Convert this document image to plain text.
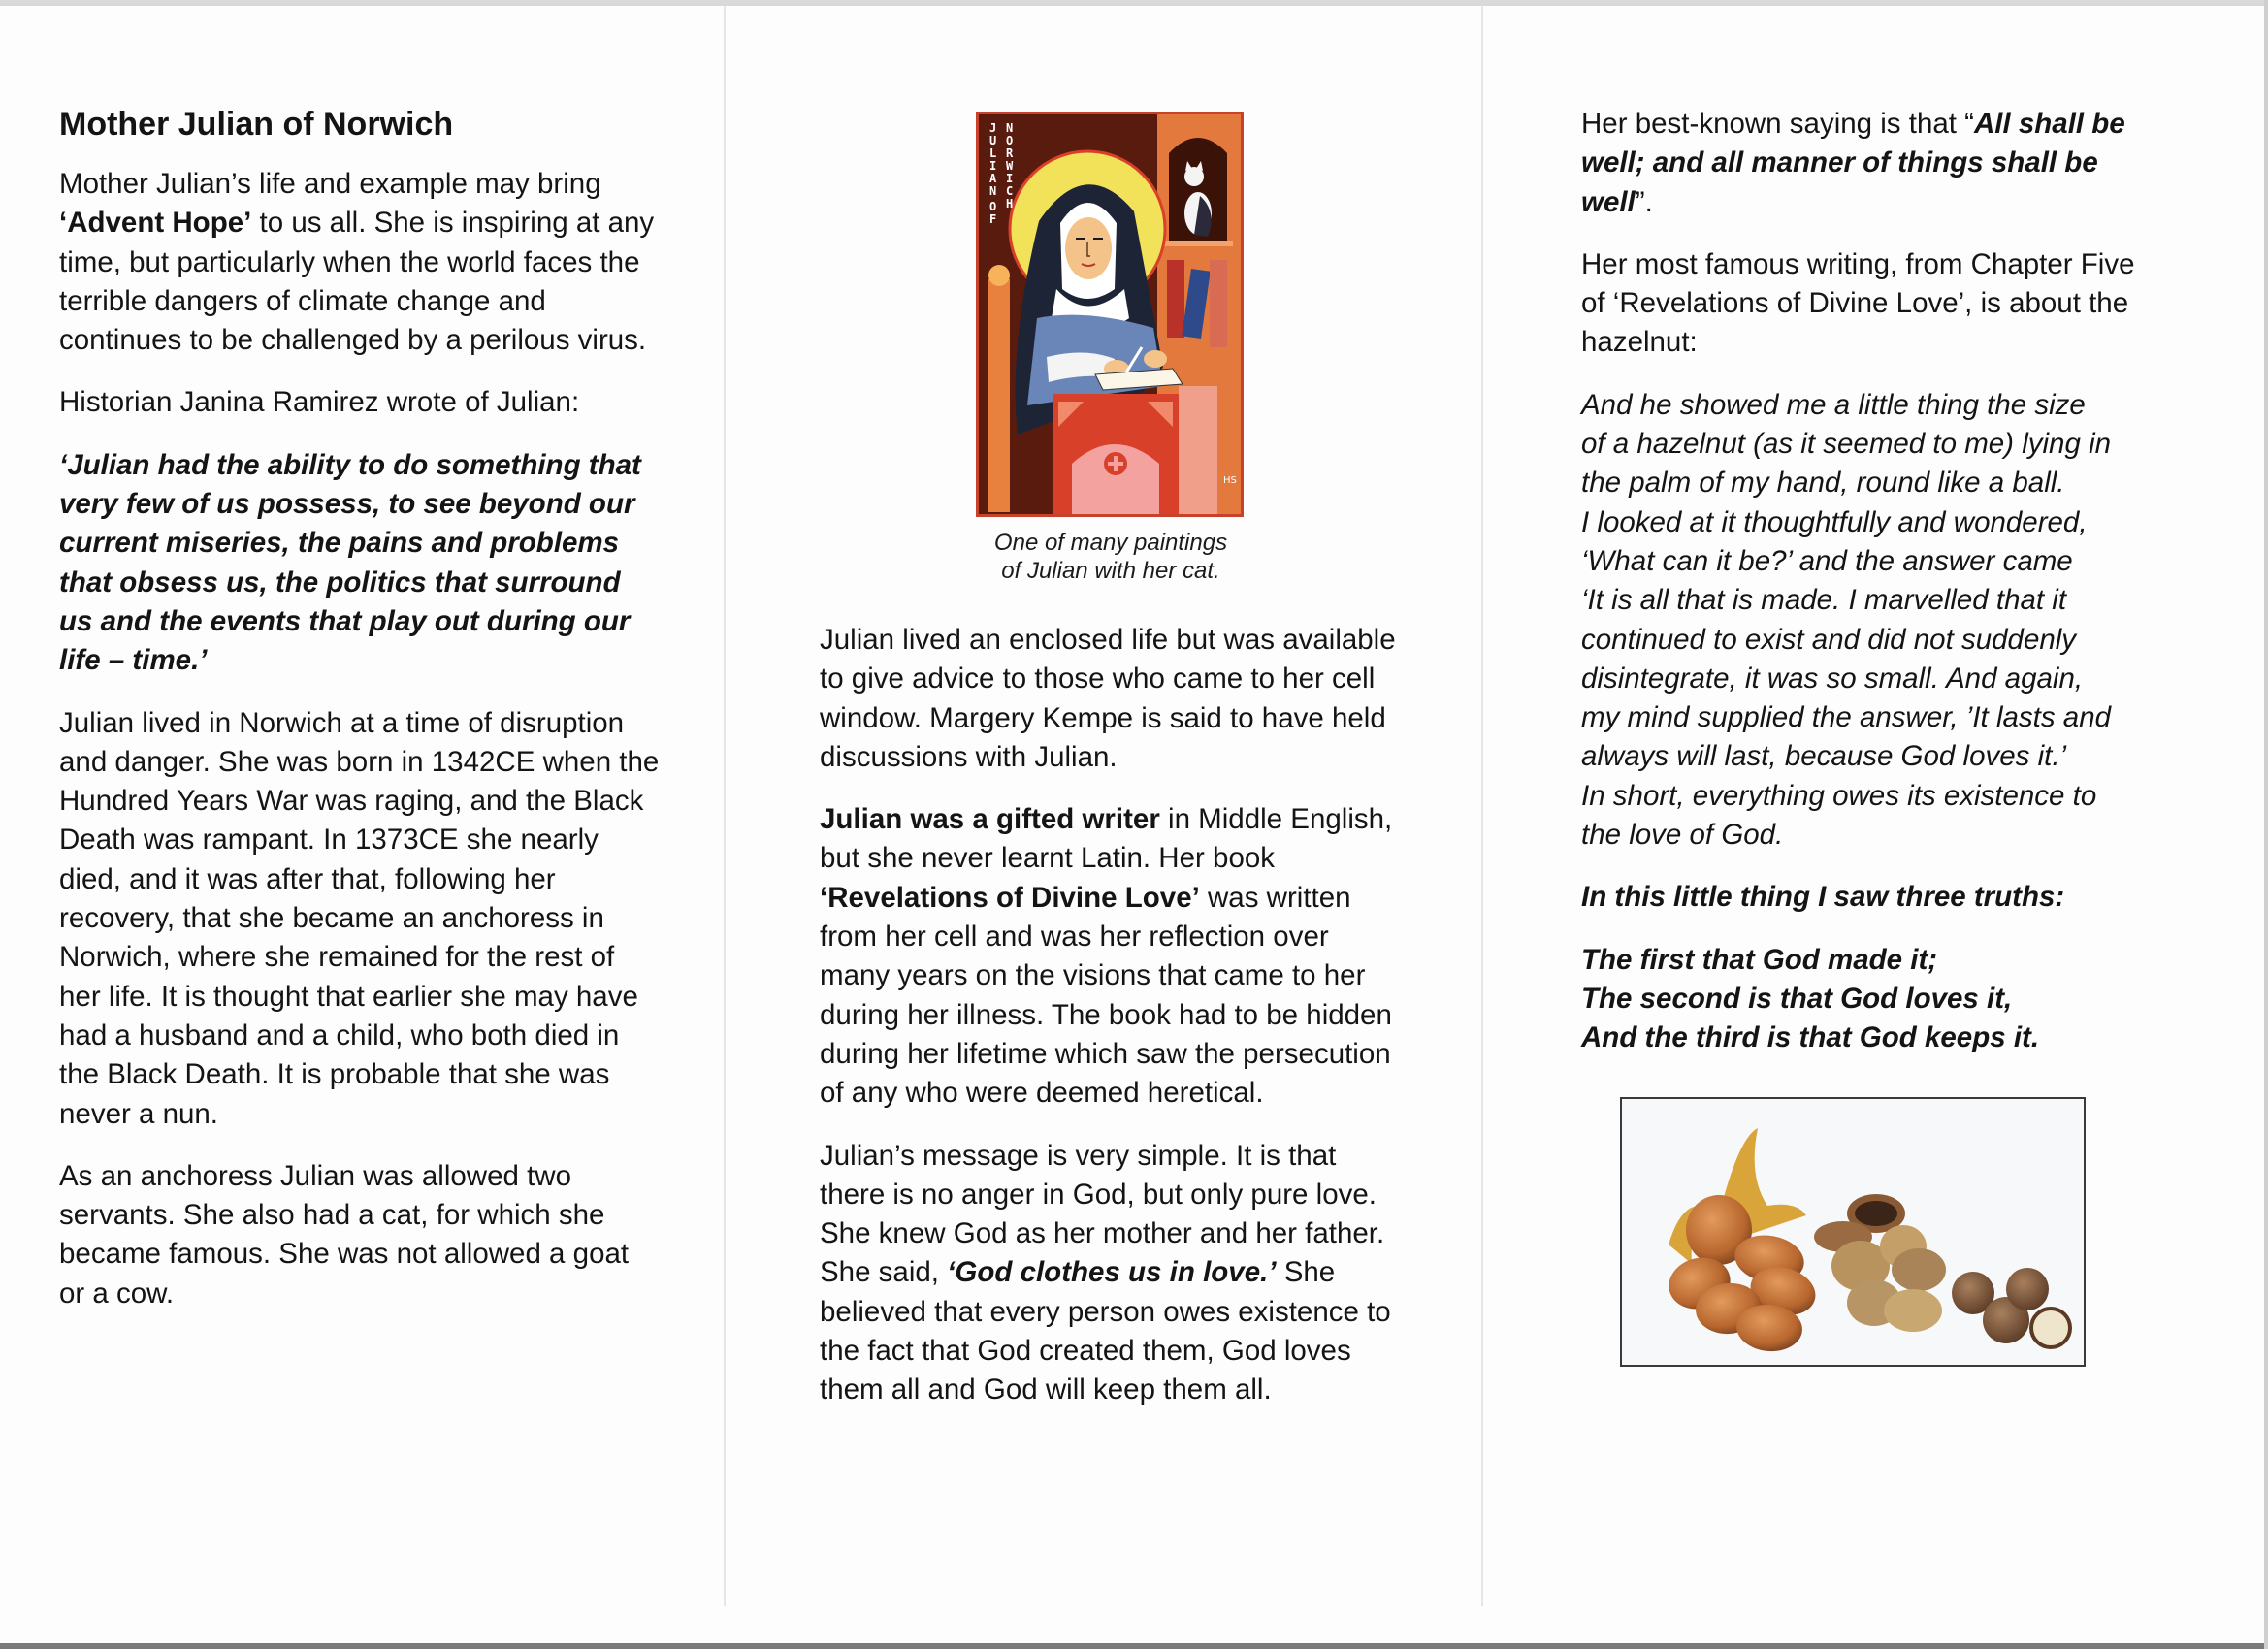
Mother Julian of Norwich

Mother Julian’s life and example may bring ‘Advent Hope’ to us all. She is inspiring at any time, but particularly when the world faces the terrible dangers of climate change and continues to be challenged by a perilous virus.

Historian Janina Ramirez wrote of Julian:

‘Julian had the ability to do something that very few of us possess, to see beyond our current miseries, the pains and problems that obsess us, the politics that surround us and the events that play out during our life – time.’

Julian lived in Norwich at a time of disruption and danger. She was born in 1342CE when the Hundred Years War was raging, and the Black Death was rampant. In 1373CE she nearly died, and it was after that, following her recovery, that she became an anchoress in Norwich, where she remained for the rest of her life. It is thought that earlier she may have had a husband and a child, who both died in the Black Death. It is probable that she was never a nun.

As an anchoress Julian was allowed two servants. She also had a cat, for which she became famous. She was not allowed a goat or a cow.

J U L I A N O F
N O R W I C H
HS
One of many paintings
of Julian with her cat.

Julian lived an enclosed life but was available to give advice to those who came to her cell window. Margery Kempe is said to have held discussions with Julian.

Julian was a gifted writer in Middle English, but she never learnt Latin. Her book ‘Revelations of Divine Love’ was written from her cell and was her reflection over many years on the visions that came to her during her illness. The book had to be hidden during her lifetime which saw the persecution of any who were deemed heretical.

Julian’s message is very simple. It is that there is no anger in God, but only pure love. She knew God as her mother and her father. She said, ‘God clothes us in love.’ She believed that every person owes existence to the fact that God created them, God loves them all and God will keep them all.

Her best-known saying is that “All shall be well; and all manner of things shall be well”.

Her most famous writing, from Chapter Five of ‘Revelations of Divine Love’, is about the hazelnut:

And he showed me a little thing the size
of a hazelnut (as it seemed to me) lying in
the palm of my hand, round like a ball.
I looked at it thoughtfully and wondered,
‘What can it be?’ and the answer came
‘It is all that is made. I marvelled that it
continued to exist and did not suddenly
disintegrate, it was so small. And again,
my mind supplied the answer, ’It lasts and
always will last, because God loves it.’
In short, everything owes its existence to
the love of God.

In this little thing I saw three truths:

The first that God made it;
The second is that God loves it,
And the third is that God keeps it.
